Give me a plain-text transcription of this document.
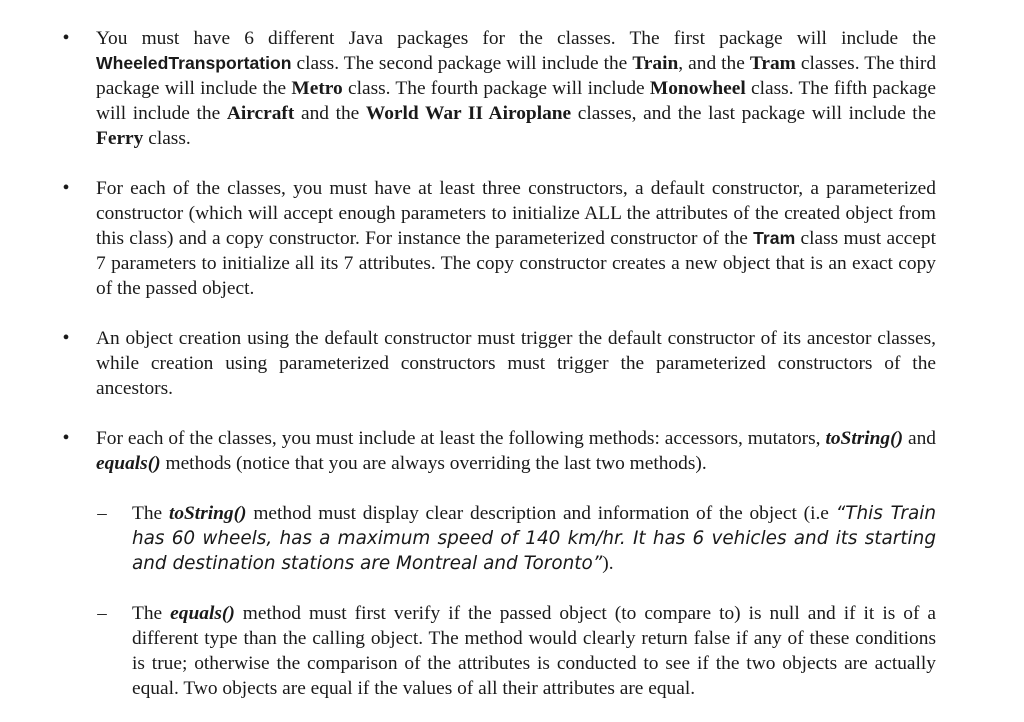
• You must have 6 different Java packages for the classes. The first package will include the WheeledTransportation class. The second package will include the Train, and the Tram classes. The third package will include the Metro class. The fourth package will include Monowheel class. The fifth package will include the Aircraft and the World War II Airoplane classes, and the last package will include the Ferry class.
• For each of the classes, you must have at least three constructors, a default constructor, a parameterized constructor (which will accept enough parameters to initialize ALL the attributes of the created object from this class) and a copy constructor. For instance the parameterized constructor of the Tram class must accept 7 parameters to initialize all its 7 attributes. The copy constructor creates a new object that is an exact copy of the passed object.
• An object creation using the default constructor must trigger the default constructor of its ancestor classes, while creation using parameterized constructors must trigger the parameterized constructors of the ancestors.
• For each of the classes, you must include at least the following methods: accessors, mutators, toString() and equals() methods (notice that you are always overriding the last two methods).
– The toString() method must display clear description and information of the object (i.e “This Train has 60 wheels, has a maximum speed of 140 km/hr. It has 6 vehicles and its starting and destination stations are Montreal and Toronto”).
– The equals() method must first verify if the passed object (to compare to) is null and if it is of a different type than the calling object. The method would clearly return false if any of these conditions is true; otherwise the comparison of the attributes is conducted to see if the two objects are actually equal. Two objects are equal if the values of all their attributes are equal.
